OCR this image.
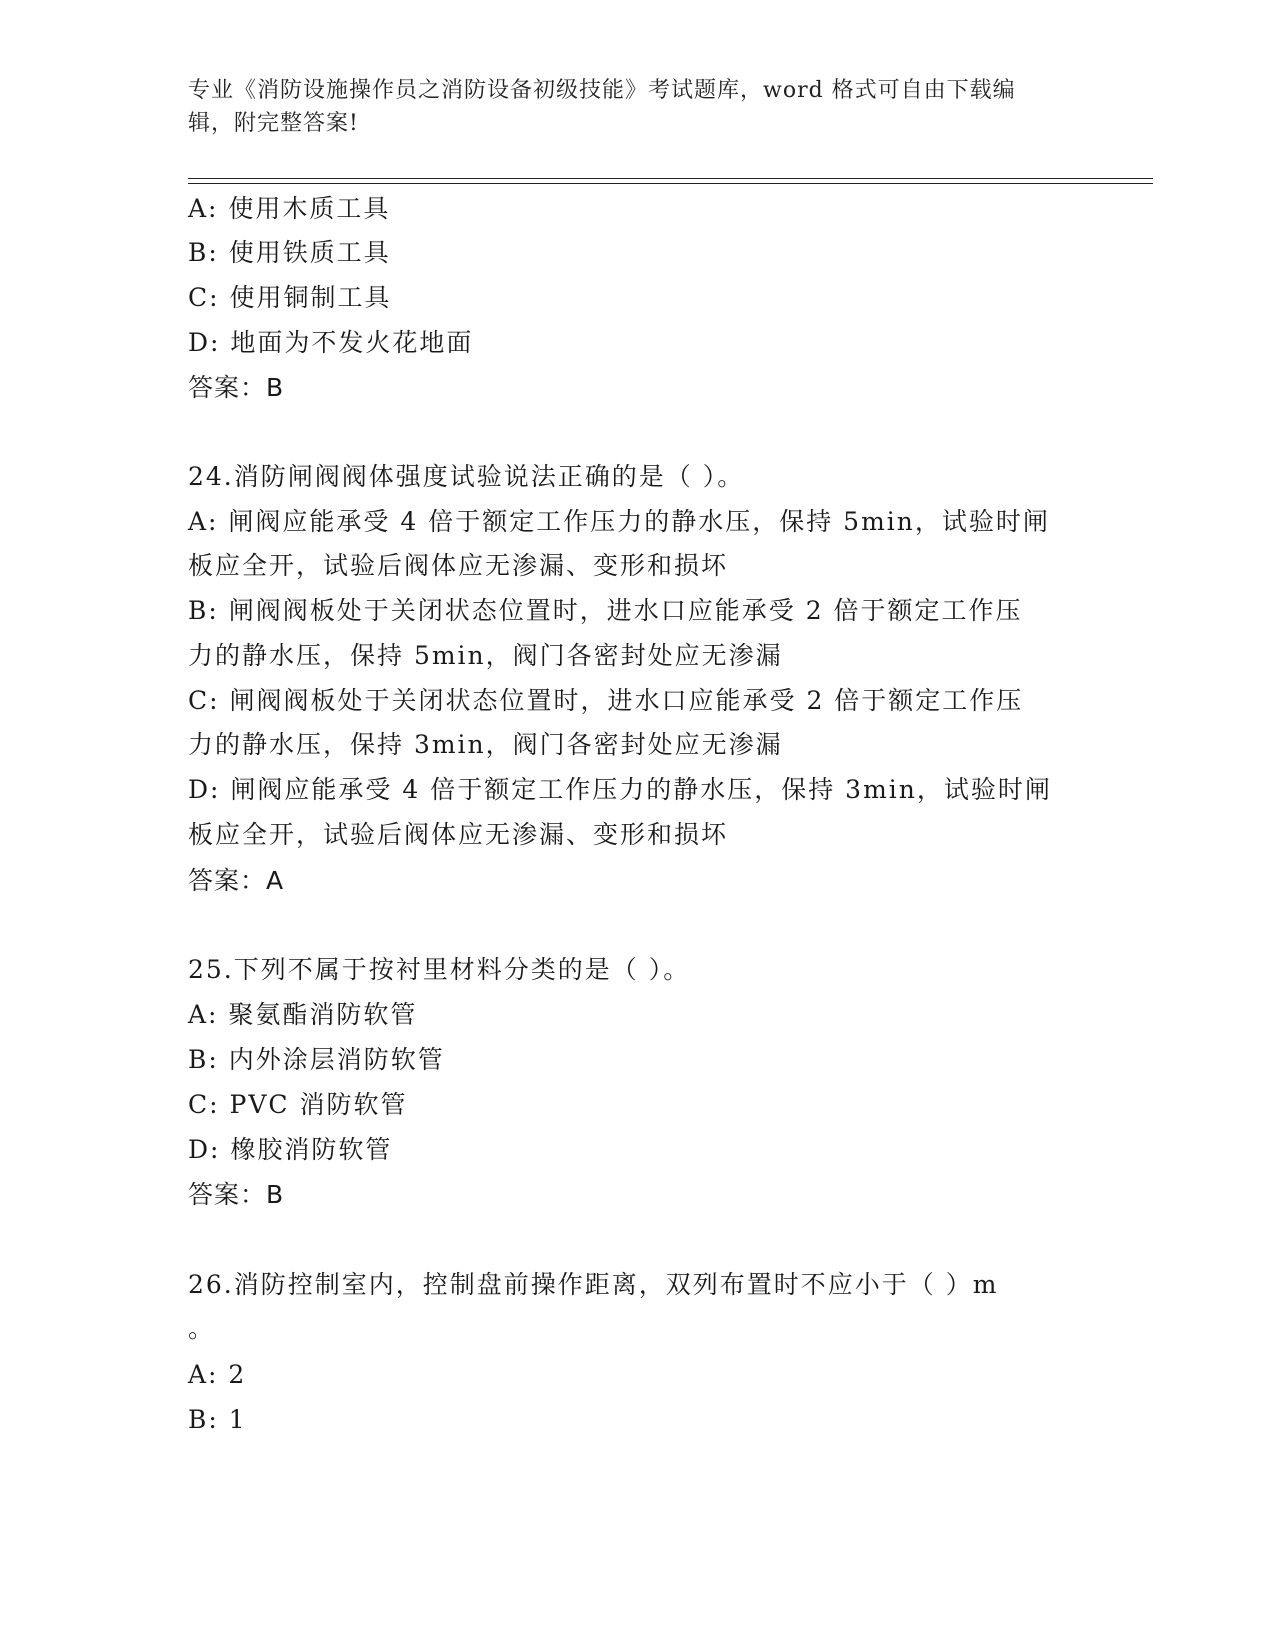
专业《消防设施操作员之消防设备初级技能》考试题库，word 格式可自由下载编
辑，附完整答案!
A: 使用木质工具
B: 使用铁质工具
C: 使用铜制工具
D: 地面为不发火花地面
答案：B
24.消防闸阀阀体强度试验说法正确的是（ ）。
A: 闸阀应能承受 4 倍于额定工作压力的静水压，保持 5min，试验时闸
板应全开，试验后阀体应无渗漏、变形和损坏
B: 闸阀阀板处于关闭状态位置时，进水口应能承受 2 倍于额定工作压
力的静水压，保持 5min，阀门各密封处应无渗漏
C: 闸阀阀板处于关闭状态位置时，进水口应能承受 2 倍于额定工作压
力的静水压，保持 3min，阀门各密封处应无渗漏
D: 闸阀应能承受 4 倍于额定工作压力的静水压，保持 3min，试验时闸
板应全开，试验后阀体应无渗漏、变形和损坏
答案：A
25.下列不属于按衬里材料分类的是（ ）。
A: 聚氨酯消防软管
B: 内外涂层消防软管
C: PVC 消防软管
D: 橡胶消防软管
答案：B
26.消防控制室内，控制盘前操作距离，双列布置时不应小于（ ）m
。
A: 2
B: 1
